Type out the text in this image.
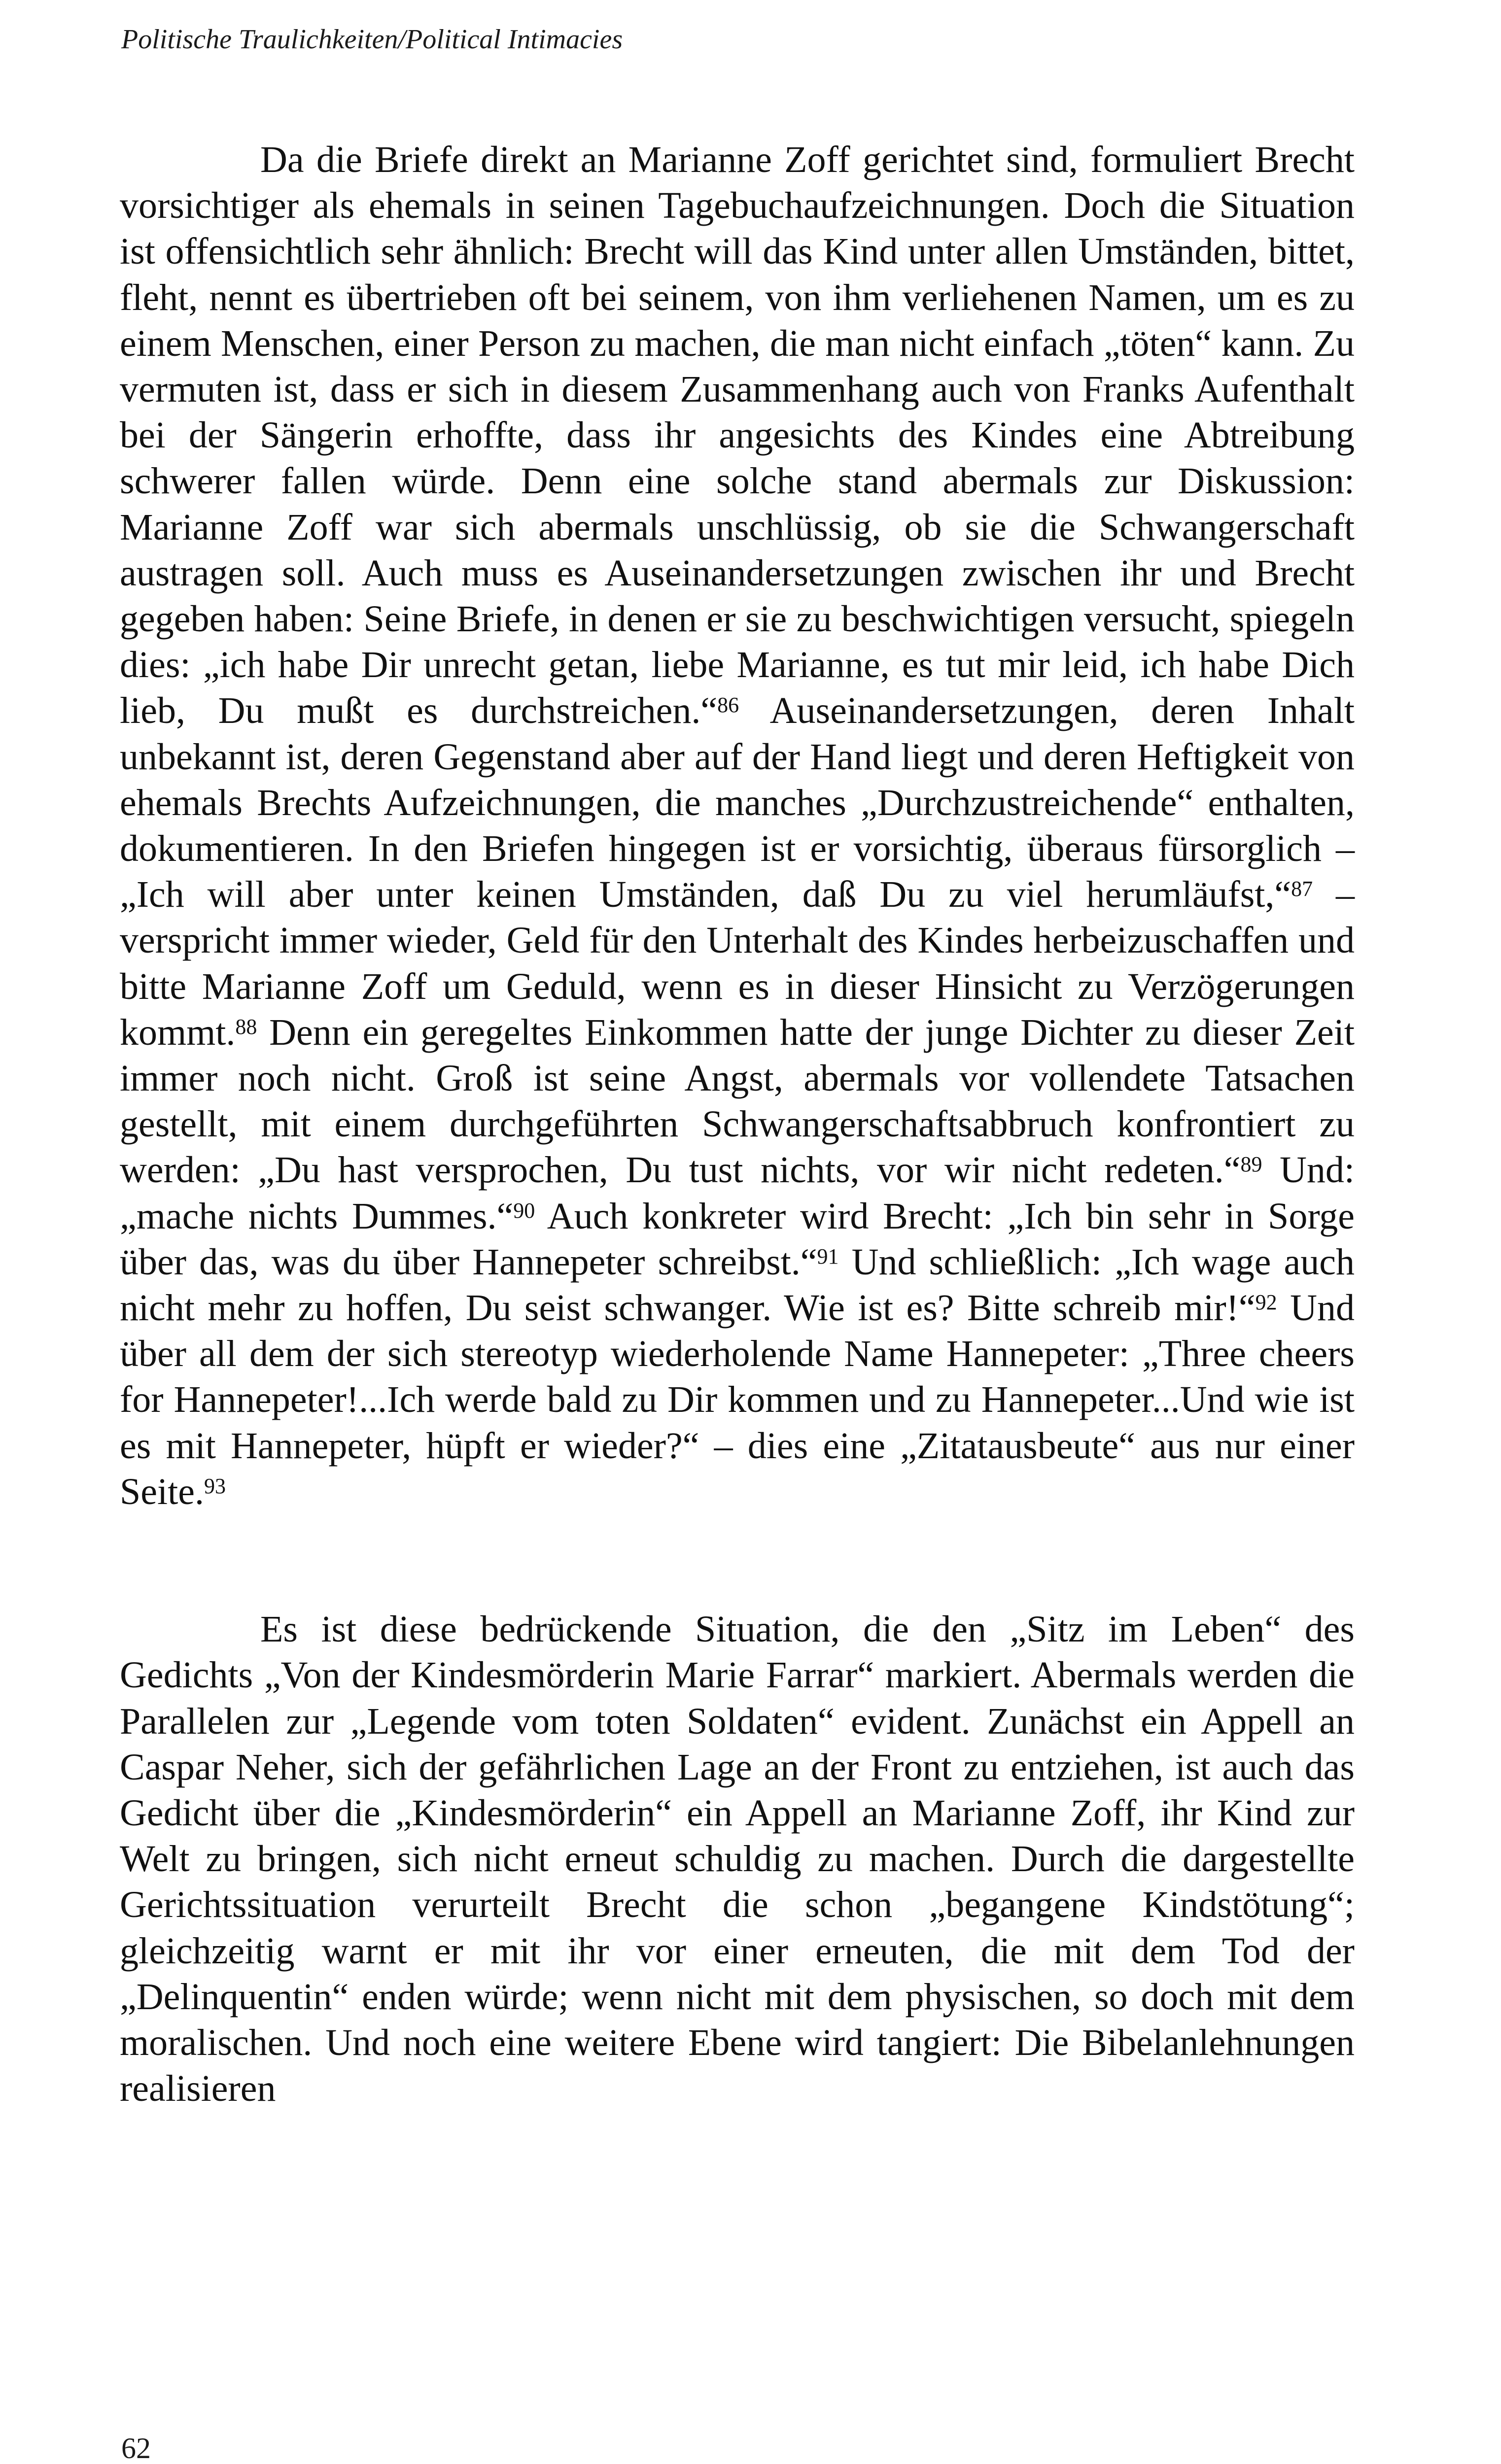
Politische Traulichkeiten/Political Intimacies

Da die Briefe direkt an Marianne Zoff gerichtet sind, formuliert Brecht vorsichtiger als ehemals in seinen Tagebuchaufzeichnungen. Doch die Situation ist offensichtlich sehr ähnlich: Brecht will das Kind unter allen Umständen, bittet, fleht, nennt es übertrieben oft bei seinem, von ihm verliehenen Namen, um es zu einem Menschen, einer Person zu machen, die man nicht einfach „töten“ kann. Zu vermuten ist, dass er sich in diesem Zusammenhang auch von Franks Aufenthalt bei der Sängerin erhoffte, dass ihr angesichts des Kindes eine Abtreibung schwerer fallen würde. Denn eine solche stand abermals zur Diskussion: Marianne Zoff war sich abermals unschlüssig, ob sie die Schwangerschaft austragen soll. Auch muss es Auseinandersetzungen zwischen ihr und Brecht gegeben haben: Seine Briefe, in denen er sie zu beschwichtigen versucht, spiegeln dies: „ich habe Dir unrecht getan, liebe Marianne, es tut mir leid, ich habe Dich lieb, Du mußt es durchstreichen.“$^{86}$ Auseinandersetzungen, deren Inhalt unbekannt ist, deren Gegenstand aber auf der Hand liegt und deren Heftigkeit von ehemals Brechts Aufzeichnungen, die manches „Durchzustreichende“ enthalten, dokumentieren. In den Briefen hingegen ist er vorsichtig, überaus fürsorglich – „Ich will aber unter keinen Umständen, daß Du zu viel herumläufst,“$^{87}$ – verspricht immer wieder, Geld für den Unterhalt des Kindes herbeizuschaffen und bitte Marianne Zoff um Geduld, wenn es in dieser Hinsicht zu Verzögerungen kommt.$^{88}$ Denn ein geregeltes Einkommen hatte der junge Dichter zu dieser Zeit immer noch nicht. Groß ist seine Angst, abermals vor vollendete Tatsachen gestellt, mit einem durchgeführten Schwangerschaftsabbruch konfrontiert zu werden: „Du hast versprochen, Du tust nichts, vor wir nicht redeten.“$^{89}$ Und: „mache nichts Dummes.“$^{90}$ Auch konkreter wird Brecht: „Ich bin sehr in Sorge über das, was du über Hannepeter schreibst.“$^{91}$ Und schließlich: „Ich wage auch nicht mehr zu hoffen, Du seist schwanger. Wie ist es? Bitte schreib mir!“$^{92}$ Und über all dem der sich stereotyp wiederholende Name Hannepeter: „Three cheers for Hannepeter!...Ich werde bald zu Dir kommen und zu Hannepeter...Und wie ist es mit Hannepeter, hüpft er wieder?“ – dies eine „Zitatausbeute“ aus nur einer Seite.$^{93}$

Es ist diese bedrückende Situation, die den „Sitz im Leben“ des Gedichts „Von der Kindesmörderin Marie Farrar“ markiert. Abermals werden die Parallelen zur „Legende vom toten Soldaten“ evident. Zunächst ein Appell an Caspar Neher, sich der gefährlichen Lage an der Front zu entziehen, ist auch das Gedicht über die „Kindesmörderin“ ein Appell an Marianne Zoff, ihr Kind zur Welt zu bringen, sich nicht erneut schuldig zu machen. Durch die dargestellte Gerichtssituation verurteilt Brecht die schon „begangene Kindstötung“; gleichzeitig warnt er mit ihr vor einer erneuten, die mit dem Tod der „Delinquentin“ enden würde; wenn nicht mit dem physischen, so doch mit dem moralischen. Und noch eine weitere Ebene wird tangiert: Die Bibelanlehnungen realisieren

62
